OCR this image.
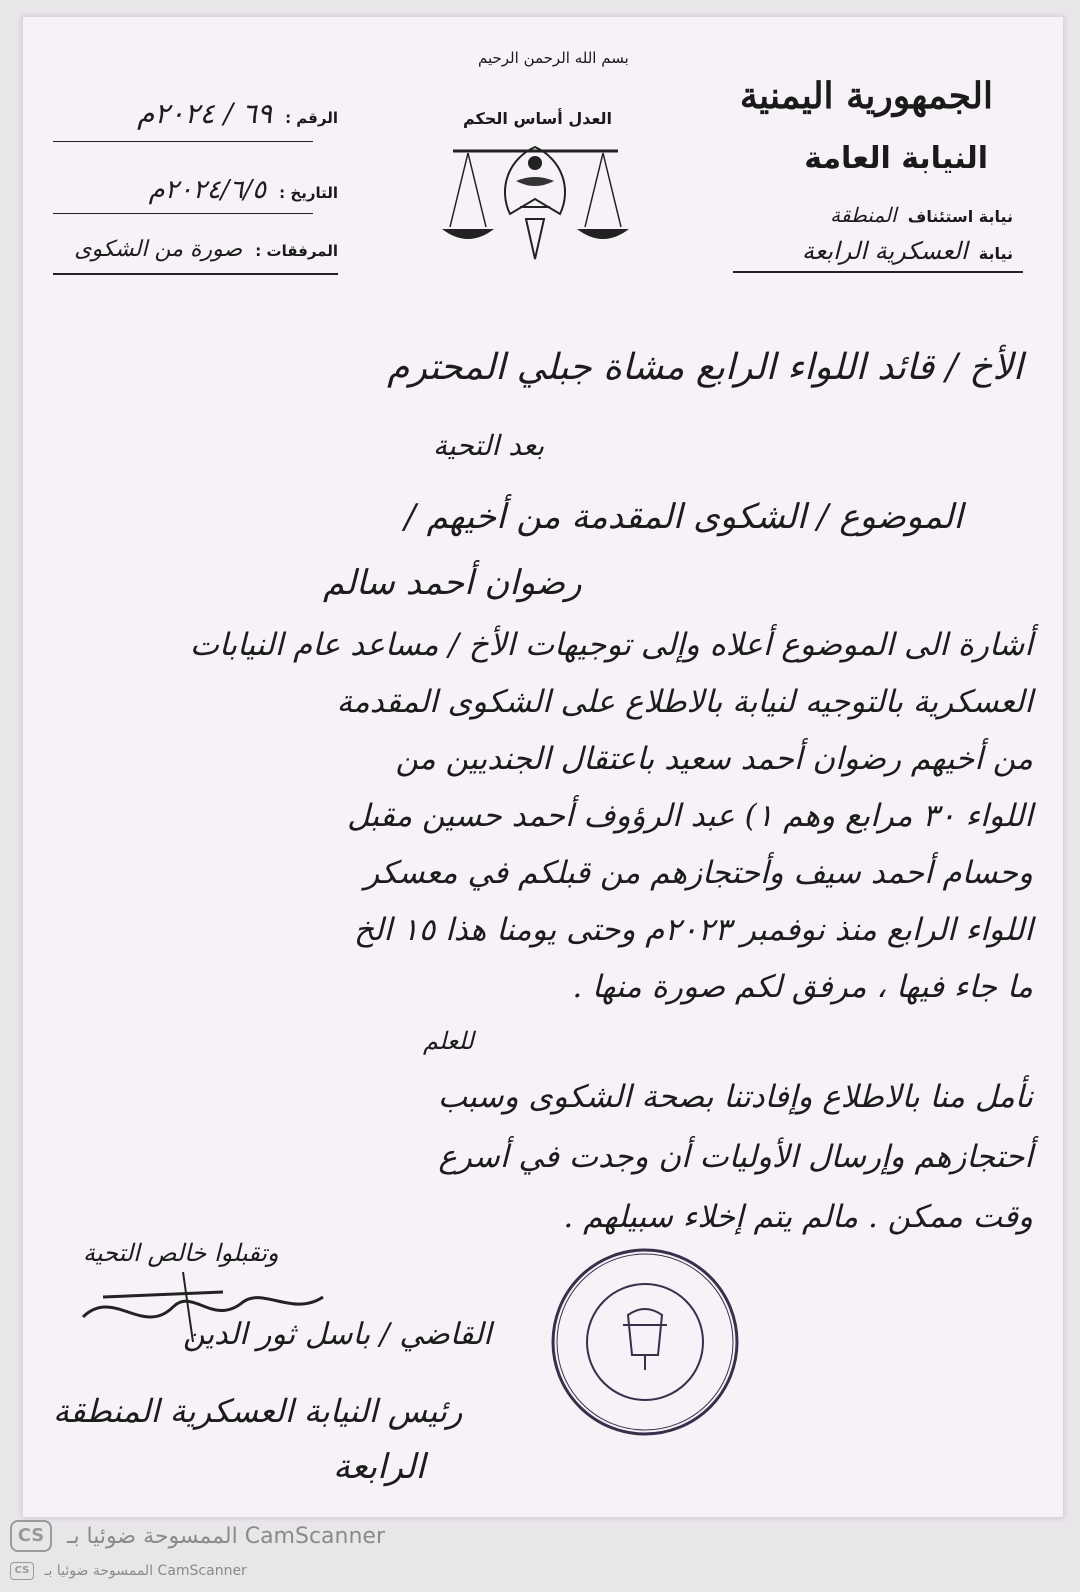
بسم الله الرحمن الرحيم
العدل أساس الحكم
الجمهورية اليمنية
النيابة العامة
نيابة استئناف المنطقة
نيابة العسكرية الرابعة
الرقم : ٦٩ / ٢٠٢٤م
التاريخ : ٢٠٢٤/٦/٥م
المرفقات : صورة من الشكوى
الأخ / قائد اللواء الرابع مشاة جبلي المحترم
بعد التحية
الموضوع / الشكوى المقدمة من أخيهم /
رضوان أحمد سالم
أشارة الى الموضوع أعلاه وإلى توجيهات الأخ / مساعد عام النيابات
العسكرية بالتوجيه لنيابة بالاطلاع على الشكوى المقدمة
من أخيهم رضوان أحمد سعيد باعتقال الجنديين من
اللواء ٣٠ مرابع وهم ١) عبد الرؤوف أحمد حسين مقبل
وحسام أحمد سيف وأحتجازهم من قبلكم في معسكر
اللواء الرابع منذ نوفمبر ٢٠٢٣م وحتى يومنا هذا ١٥ الخ
ما جاء فيها ، مرفق لكم صورة منها .
للعلم
نأمل منا بالاطلاع وإفادتنا بصحة الشكوى وسبب
أحتجازهم وإرسال الأوليات أن وجدت في أسرع
وقت ممكن . مالم يتم إخلاء سبيلهم .
وتقبلوا خالص التحية
القاضي / باسل ثور الدين
رئيس النيابة العسكرية المنطقة
الرابعة
CS الممسوحة ضوئيا بـ CamScanner
CS الممسوحة ضوئيا بـ CamScanner
